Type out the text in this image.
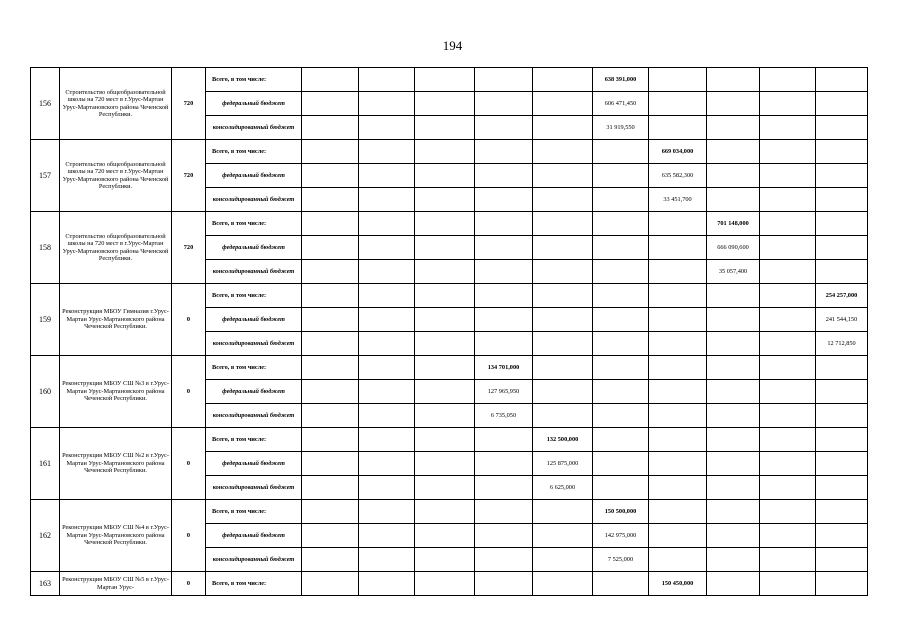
194
156	Строительство общеобразовательной школы на 720 мест в г.Урус-Мартан Урус-Мартановского района Чеченской Республики.	720	Всего, в том числе:						638 391,000				
			федеральный бюджет						606 471,450				
			консолидированный бюджет						31 919,550				
157	Строительство общеобразовательной школы на 720 мест в г.Урус-Мартан Урус-Мартановского района Чеченской Республики.	720	Всего, в том числе:							669 034,000			
			федеральный бюджет							635 582,300			
			консолидированный бюджет							33 451,700			
158	Строительство общеобразовательной школы на 720 мест в г.Урус-Мартан Урус-Мартановского района Чеченской Республики.	720	Всего, в том числе:								701 148,000		
			федеральный бюджет								666 090,600		
			консолидированный бюджет								35 057,400		
159	Реконструкция МБОУ Гимназия г.Урус-Мартан Урус-Мартановского района Чеченской Республики.	0	Всего, в том числе:										254 257,000
			федеральный бюджет										241 544,150
			консолидированный бюджет										12 712,850
160	Реконструкция МБОУ СШ №3 в г.Урус-Мартан Урус-Мартановского района Чеченской Республики.	0	Всего, в том числе:				134 701,000						
			федеральный бюджет				127 965,950						
			консолидированный бюджет				6 735,050						
161	Реконструкция МБОУ СШ №2 в г.Урус-Мартан Урус-Мартановского района Чеченской Республики.	0	Всего, в том числе:					132 500,000					
			федеральный бюджет					125 875,000					
			консолидированный бюджет					6 625,000					
162	Реконструкция МБОУ СШ №4 в г.Урус-Мартан Урус-Мартановского района Чеченской Республики.	0	Всего, в том числе:						150 500,000				
			федеральный бюджет						142 975,000				
			консолидированный бюджет						7 525,000				
163	Реконструкция МБОУ СШ №5 в г.Урус-Мартан Урус-	0	Всего, в том числе:							150 450,000			
